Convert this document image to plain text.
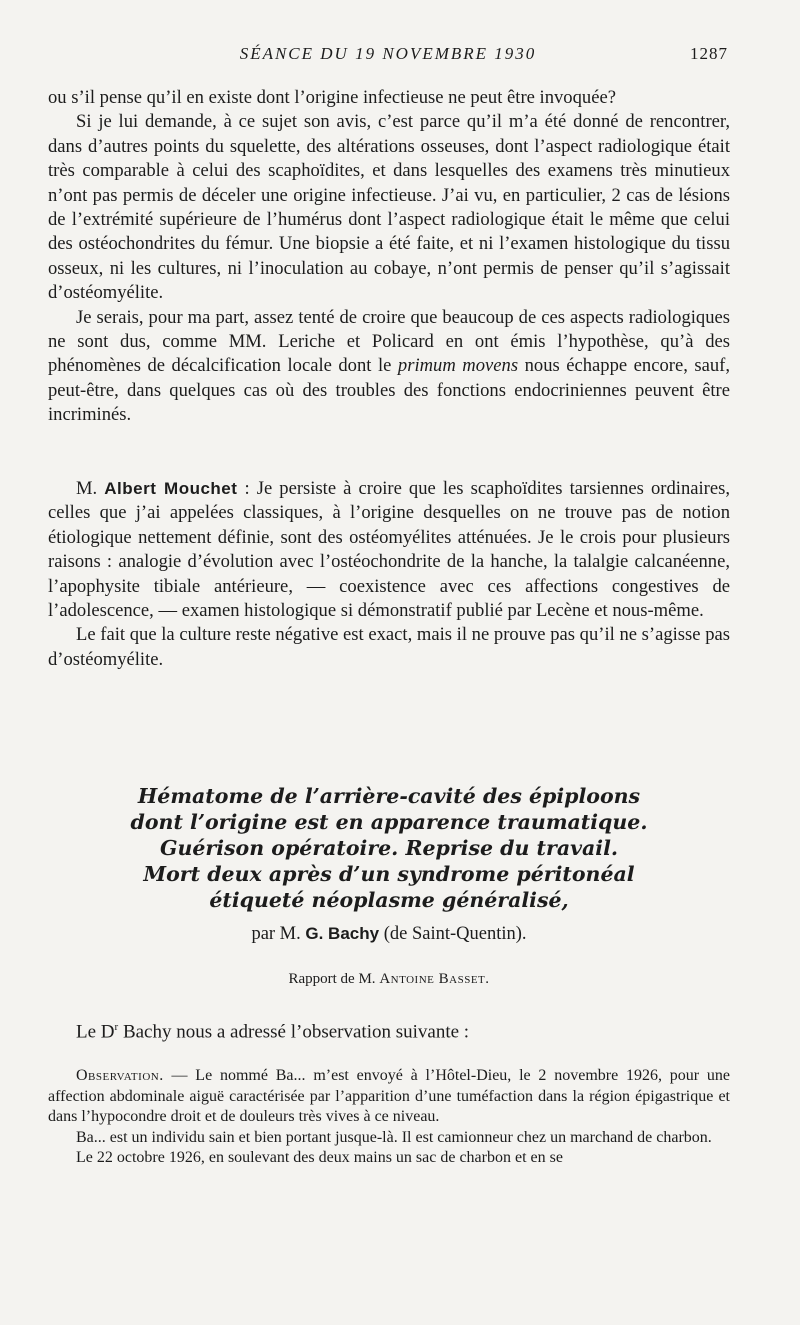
SÉANCE DU 19 NOVEMBRE 1930	1287

ou s’il pense qu’il en existe dont l’origine infectieuse ne peut être invoquée?

Si je lui demande, à ce sujet son avis, c’est parce qu’il m’a été donné de rencontrer, dans d’autres points du squelette, des altérations osseuses, dont l’aspect radiologique était très comparable à celui des scaphoïdites, et dans lesquelles des examens très minutieux n’ont pas permis de déceler une origine infectieuse. J’ai vu, en particulier, 2 cas de lésions de l’extrémité supérieure de l’humérus dont l’aspect radiologique était le même que celui des ostéochondrites du fémur. Une biopsie a été faite, et ni l’examen histologique du tissu osseux, ni les cultures, ni l’inoculation au cobaye, n’ont permis de penser qu’il s’agissait d’ostéomyélite.

Je serais, pour ma part, assez tenté de croire que beaucoup de ces aspects radiologiques ne sont dus, comme MM. Leriche et Policard en ont émis l’hypothèse, qu’à des phénomènes de décalcification locale dont le primum movens nous échappe encore, sauf, peut-être, dans quelques cas où des troubles des fonctions endocriniennes peuvent être incriminés.

M. Albert Mouchet : Je persiste à croire que les scaphoïdites tarsiennes ordinaires, celles que j’ai appelées classiques, à l’origine desquelles on ne trouve pas de notion étiologique nettement définie, sont des ostéomyélites atténuées. Je le crois pour plusieurs raisons : analogie d’évolution avec l’ostéochondrite de la hanche, la talalgie calcanéenne, l’apophysite tibiale antérieure, — coexistence avec ces affections congestives de l’adolescence, — examen histologique si démonstratif publié par Lecène et nous-même.

Le fait que la culture reste négative est exact, mais il ne prouve pas qu’il ne s’agisse pas d’ostéomyélite.

Hématome de l’arrière-cavité des épiploons
dont l’origine est en apparence traumatique.
Guérison opératoire. Reprise du travail.
Mort deux après d’un syndrome péritonéal
étiqueté néoplasme généralisé,
par M. G. Bachy (de Saint-Quentin).
Rapport de M. Antoine Basset.
Le $D^r$ Bachy nous a adressé l’observation suivante :

Observation. — Le nommé Ba... m’est envoyé à l’Hôtel-Dieu, le 2 novembre 1926, pour une affection abdominale aiguë caractérisée par l’apparition d’une tuméfaction dans la région épigastrique et dans l’hypocondre droit et de douleurs très vives à ce niveau.

Ba... est un individu sain et bien portant jusque-là. Il est camionneur chez un marchand de charbon.

Le 22 octobre 1926, en soulevant des deux mains un sac de charbon et en se
